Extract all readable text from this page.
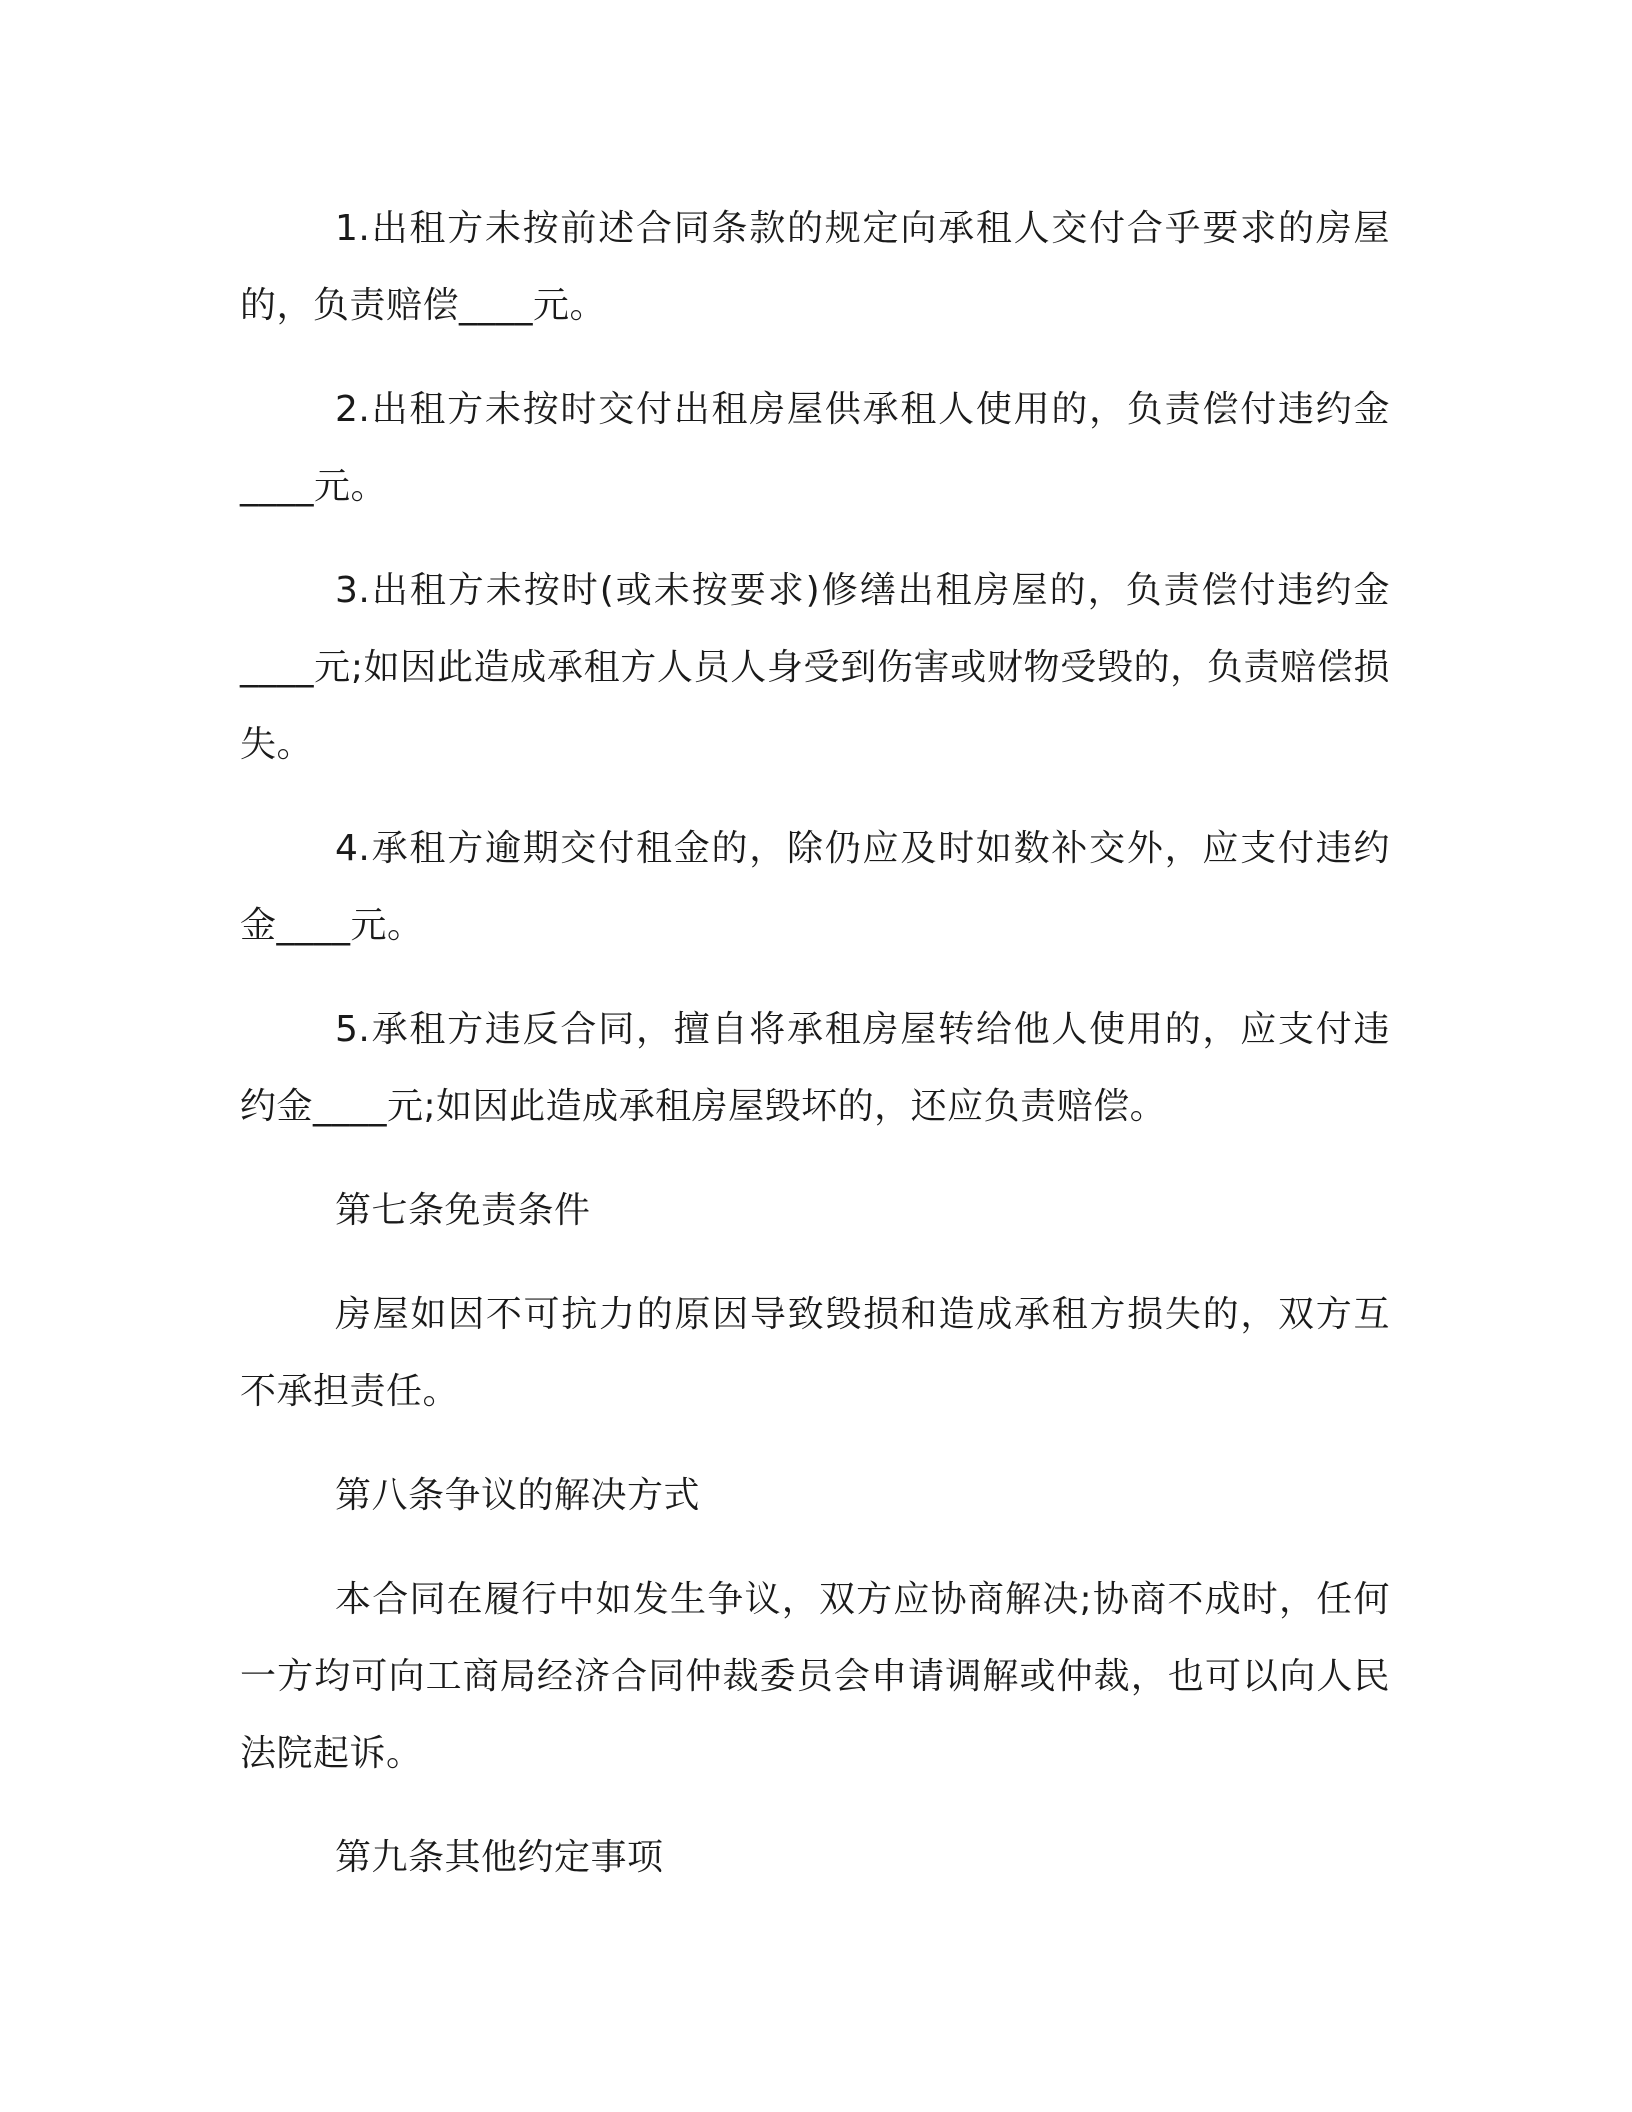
1.出租方未按前述合同条款的规定向承租人交付合乎要求的房屋的，负责赔偿____元。

2.出租方未按时交付出租房屋供承租人使用的，负责偿付违约金____元。

3.出租方未按时(或未按要求)修缮出租房屋的，负责偿付违约金____元;如因此造成承租方人员人身受到伤害或财物受毁的，负责赔偿损失。

4.承租方逾期交付租金的，除仍应及时如数补交外，应支付违约金____元。

5.承租方违反合同，擅自将承租房屋转给他人使用的，应支付违约金____元;如因此造成承租房屋毁坏的，还应负责赔偿。

第七条免责条件

房屋如因不可抗力的原因导致毁损和造成承租方损失的，双方互不承担责任。

第八条争议的解决方式

本合同在履行中如发生争议，双方应协商解决;协商不成时，任何一方均可向工商局经济合同仲裁委员会申请调解或仲裁，也可以向人民法院起诉。

第九条其他约定事项
